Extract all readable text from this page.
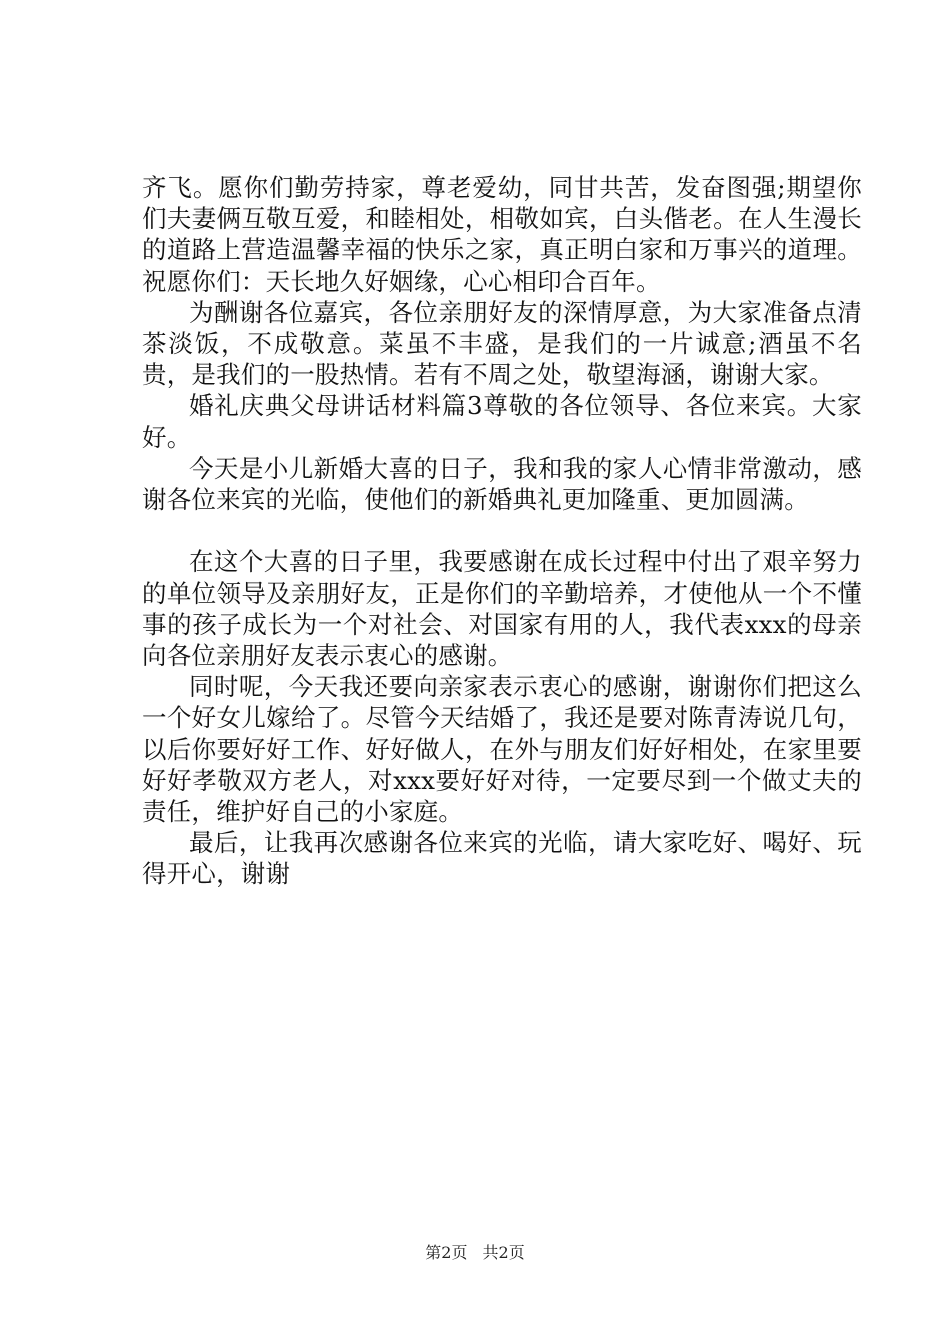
齐飞。愿你们勤劳持家，尊老爱幼，同甘共苦，发奋图强;期望你们夫妻俩互敬互爱，和睦相处，相敬如宾，白头偕老。在人生漫长的道路上营造温馨幸福的快乐之家，真正明白家和万事兴的道理。祝愿你们：天长地久好姻缘，心心相印合百年。

为酬谢各位嘉宾，各位亲朋好友的深情厚意，为大家准备点清茶淡饭，不成敬意。菜虽不丰盛，是我们的一片诚意;酒虽不名贵，是我们的一股热情。若有不周之处，敬望海涵，谢谢大家。

婚礼庆典父母讲话材料篇3尊敬的各位领导、各位来宾。大家好。

今天是小儿新婚大喜的日子，我和我的家人心情非常激动，感谢各位来宾的光临，使他们的新婚典礼更加隆重、更加圆满。

在这个大喜的日子里，我要感谢在成长过程中付出了艰辛努力的单位领导及亲朋好友，正是你们的辛勤培养，才使他从一个不懂事的孩子成长为一个对社会、对国家有用的人，我代表xxx的母亲向各位亲朋好友表示衷心的感谢。

同时呢，今天我还要向亲家表示衷心的感谢，谢谢你们把这么一个好女儿嫁给了。尽管今天结婚了，我还是要对陈青涛说几句，以后你要好好工作、好好做人，在外与朋友们好好相处，在家里要好好孝敬双方老人，对xxx要好好对待，一定要尽到一个做丈夫的责任，维护好自己的小家庭。

最后，让我再次感谢各位来宾的光临，请大家吃好、喝好、玩得开心，谢谢

第2页 共2页
